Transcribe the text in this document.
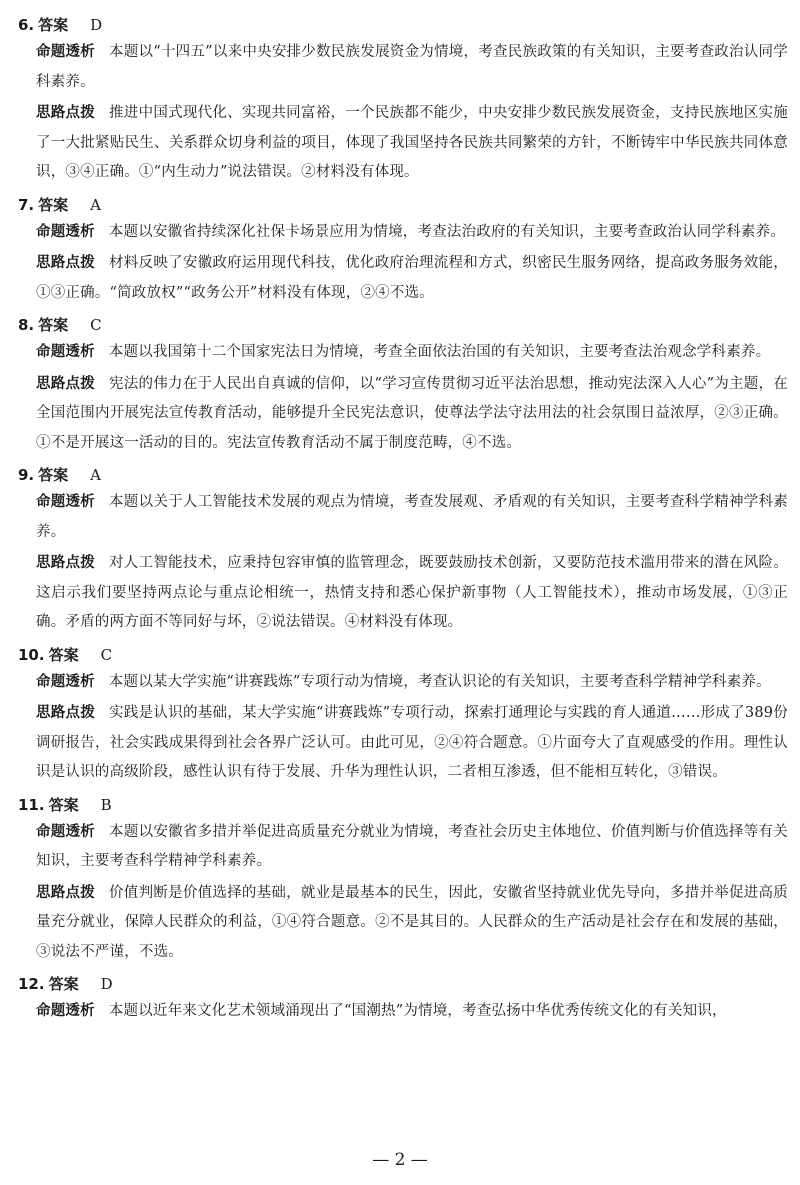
6. 答案 D
命题透析 本题以“十四五”以来中央安排少数民族发展资金为情境，考查民族政策的有关知识，主要考查政治认同学科素养。
思路点拨 推进中国式现代化、实现共同富裕，一个民族都不能少，中央安排少数民族发展资金，支持民族地区实施了一大批紧贴民生、关系群众切身利益的项目，体现了我国坚持各民族共同繁荣的方针，不断铸牢中华民族共同体意识，③④正确。①“内生动力”说法错误。②材料没有体现。
7. 答案 A
命题透析 本题以安徽省持续深化社保卡场景应用为情境，考查法治政府的有关知识，主要考查政治认同学科素养。
思路点拨 材料反映了安徽政府运用现代科技，优化政府治理流程和方式，织密民生服务网络，提高政务服务效能，①③正确。“简政放权”“政务公开”材料没有体现，②④不选。
8. 答案 C
命题透析 本题以我国第十二个国家宪法日为情境，考查全面依法治国的有关知识，主要考查法治观念学科素养。
思路点拨 宪法的伟力在于人民出自真诚的信仰，以“学习宣传贯彻习近平法治思想，推动宪法深入人心”为主题，在全国范围内开展宪法宣传教育活动，能够提升全民宪法意识，使尊法学法守法用法的社会氛围日益浓厚，②③正确。①不是开展这一活动的目的。宪法宣传教育活动不属于制度范畴，④不选。
9. 答案 A
命题透析 本题以关于人工智能技术发展的观点为情境，考查发展观、矛盾观的有关知识，主要考查科学精神学科素养。
思路点拨 对人工智能技术，应秉持包容审慎的监管理念，既要鼓励技术创新，又要防范技术滥用带来的潜在风险。这启示我们要坚持两点论与重点论相统一，热情支持和悉心保护新事物（人工智能技术），推动市场发展，①③正确。矛盾的两方面不等同好与坏，②说法错误。④材料没有体现。
10. 答案 C
命题透析 本题以某大学实施“讲赛践炼”专项行动为情境，考查认识论的有关知识，主要考查科学精神学科素养。
思路点拨 实践是认识的基础，某大学实施“讲赛践炼”专项行动，探索打通理论与实践的育人通道……形成了389份调研报告，社会实践成果得到社会各界广泛认可。由此可见，②④符合题意。①片面夸大了直观感受的作用。理性认识是认识的高级阶段，感性认识有待于发展、升华为理性认识，二者相互渗透，但不能相互转化，③错误。
11. 答案 B
命题透析 本题以安徽省多措并举促进高质量充分就业为情境，考查社会历史主体地位、价值判断与价值选择等有关知识，主要考查科学精神学科素养。
思路点拨 价值判断是价值选择的基础，就业是最基本的民生，因此，安徽省坚持就业优先导向，多措并举促进高质量充分就业，保障人民群众的利益，①④符合题意。②不是其目的。人民群众的生产活动是社会存在和发展的基础，③说法不严谨，不选。
12. 答案 D
命题透析 本题以近年来文化艺术领域涌现出了“国潮热”为情境，考查弘扬中华优秀传统文化的有关知识，
— 2 —
